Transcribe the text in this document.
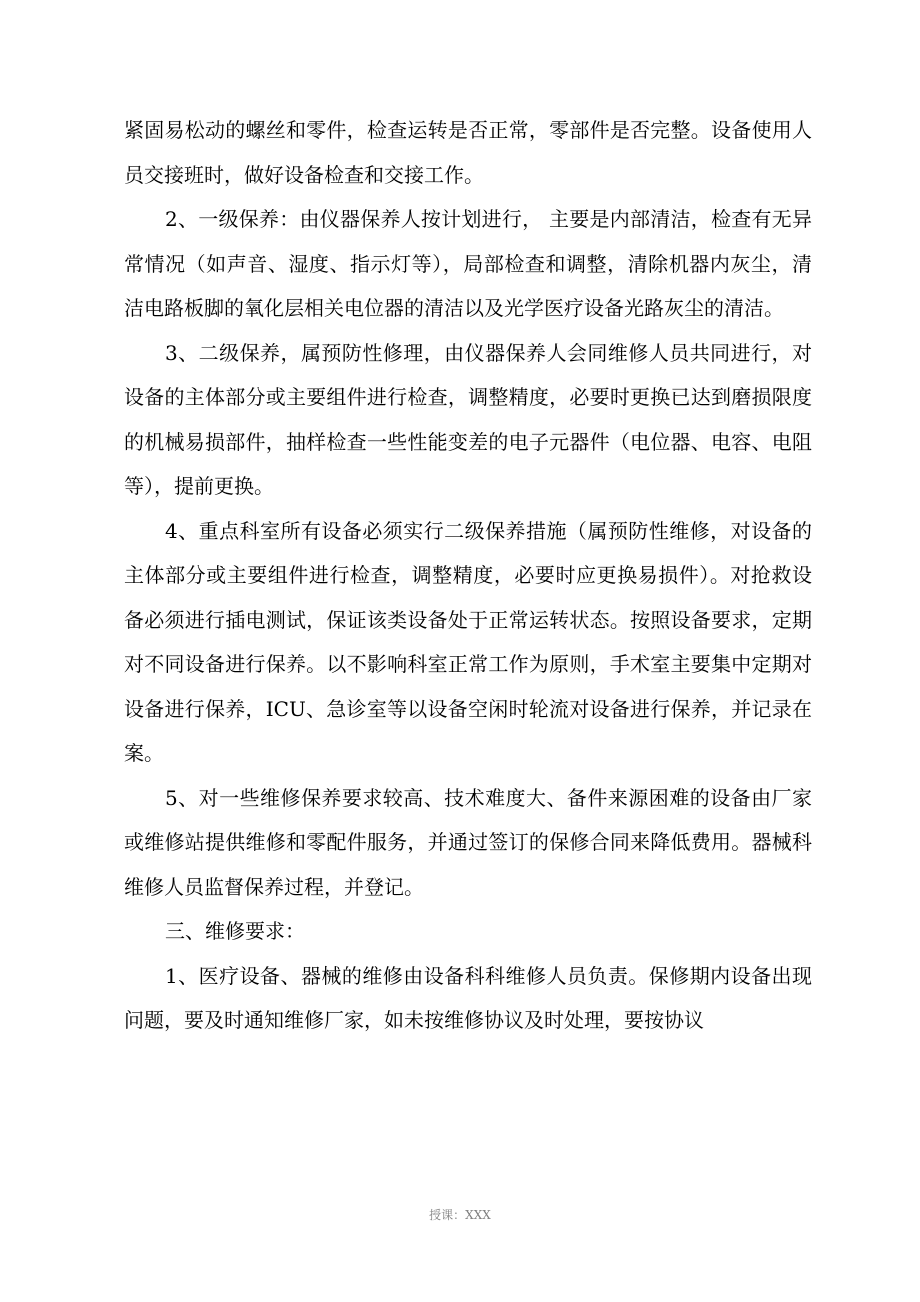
紧固易松动的螺丝和零件，检查运转是否正常，零部件是否完整。设备使用人员交接班时，做好设备检查和交接工作。

2、一级保养：由仪器保养人按计划进行， 主要是内部清洁，检查有无异常情况（如声音、湿度、指示灯等），局部检查和调整，清除机器内灰尘，清洁电路板脚的氧化层相关电位器的清洁以及光学医疗设备光路灰尘的清洁。

3、二级保养，属预防性修理，由仪器保养人会同维修人员共同进行，对设备的主体部分或主要组件进行检查，调整精度，必要时更换已达到磨损限度的机械易损部件，抽样检查一些性能变差的电子元器件（电位器、电容、电阻等），提前更换。

4、重点科室所有设备必须实行二级保养措施（属预防性维修，对设备的主体部分或主要组件进行检查，调整精度，必要时应更换易损件）。对抢救设备必须进行插电测试，保证该类设备处于正常运转状态。按照设备要求，定期对不同设备进行保养。以不影响科室正常工作为原则，手术室主要集中定期对设备进行保养，ICU、急诊室等以设备空闲时轮流对设备进行保养，并记录在案。

5、对一些维修保养要求较高、技术难度大、备件来源困难的设备由厂家或维修站提供维修和零配件服务，并通过签订的保修合同来降低费用。器械科维修人员监督保养过程，并登记。

三、维修要求：

1、医疗设备、器械的维修由设备科科维修人员负责。保修期内设备出现问题，要及时通知维修厂家，如未按维修协议及时处理，要按协议

授课：XXX
